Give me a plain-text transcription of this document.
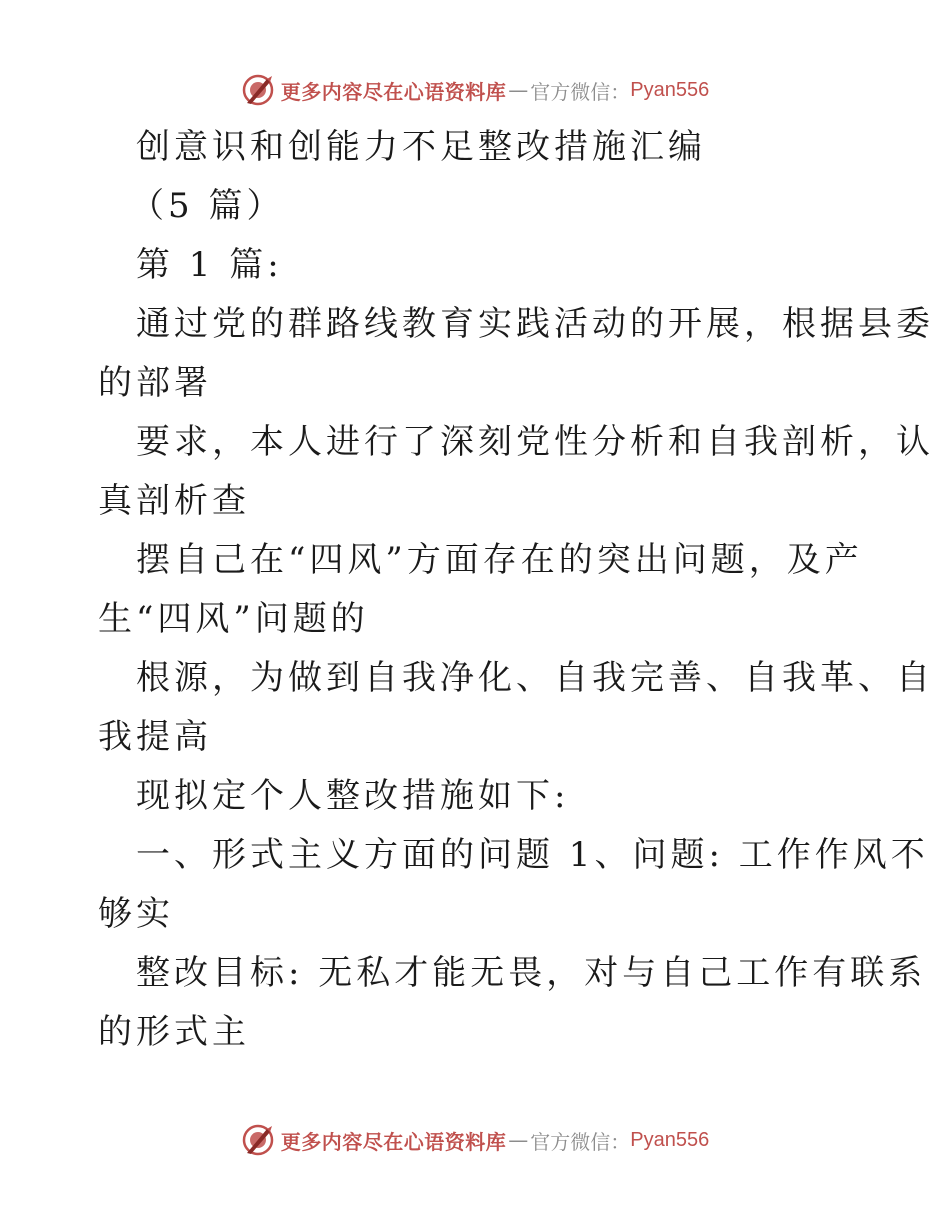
更多内容尽在心语资料库 — 官方微信： Pyan556

创意识和创能力不足整改措施汇编

（5 篇）

第 1 篇:

通过党的群路线教育实践活动的开展，根据县委

的部署

要求，本人进行了深刻党性分析和自我剖析，认

真剖析查

摆自己在“四风”方面存在的突出问题，及产

生“四风”问题的

根源，为做到自我净化、自我完善、自我革、自

我提高

现拟定个人整改措施如下:

一、形式主义方面的问题 1、问题: 工作作风不

够实

整改目标: 无私才能无畏，对与自己工作有联系

的形式主

更多内容尽在心语资料库 — 官方微信： Pyan556
